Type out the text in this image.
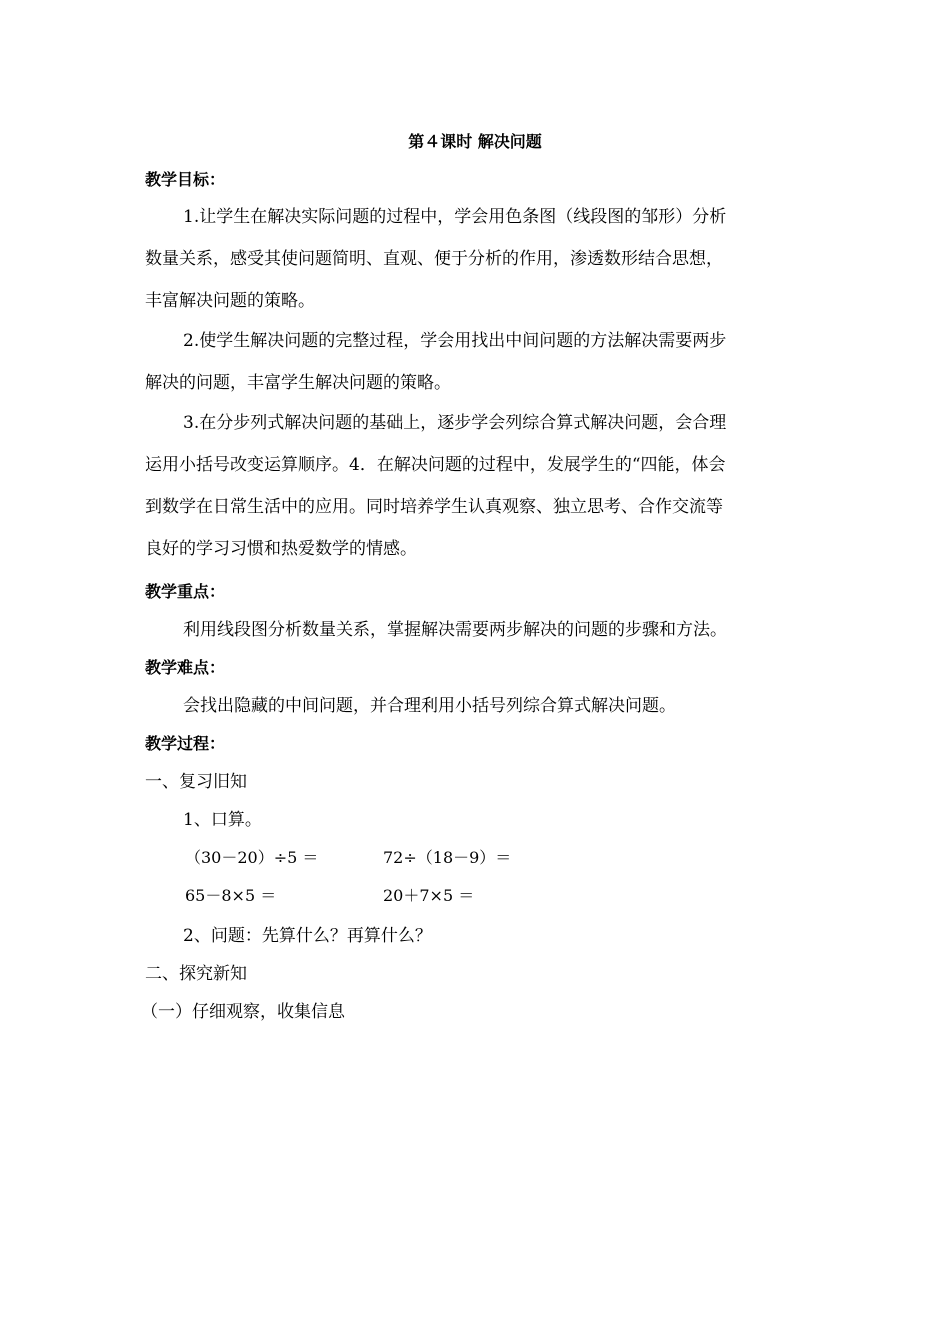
第４课时 解决问题
教学目标：
1.让学生在解决实际问题的过程中，学会用色条图（线段图的邹形）分析
数量关系，感受其使问题简明、直观、便于分析的作用，渗透数形结合思想，
丰富解决问题的策略。
2.使学生解决问题的完整过程，学会用找出中间问题的方法解决需要两步
解决的问题，丰富学生解决问题的策略。
3.在分步列式解决问题的基础上，逐步学会列综合算式解决问题，会合理
运用小括号改变运算顺序。4．在解决问题的过程中，发展学生的“四能，体会
到数学在日常生活中的应用。同时培养学生认真观察、独立思考、合作交流等
良好的学习习惯和热爱数学的情感。
教学重点：
利用线段图分析数量关系，掌握解决需要两步解决的问题的步骤和方法。
教学难点：
会找出隐藏的中间问题，并合理利用小括号列综合算式解决问题。
教学过程：
一、复习旧知
1、口算。
（30－20）÷5 ＝	72÷（18－9）＝
65－8×5 ＝	20＋7×5 ＝
2、问题：先算什么？再算什么？
二、探究新知
（一）仔细观察，收集信息
